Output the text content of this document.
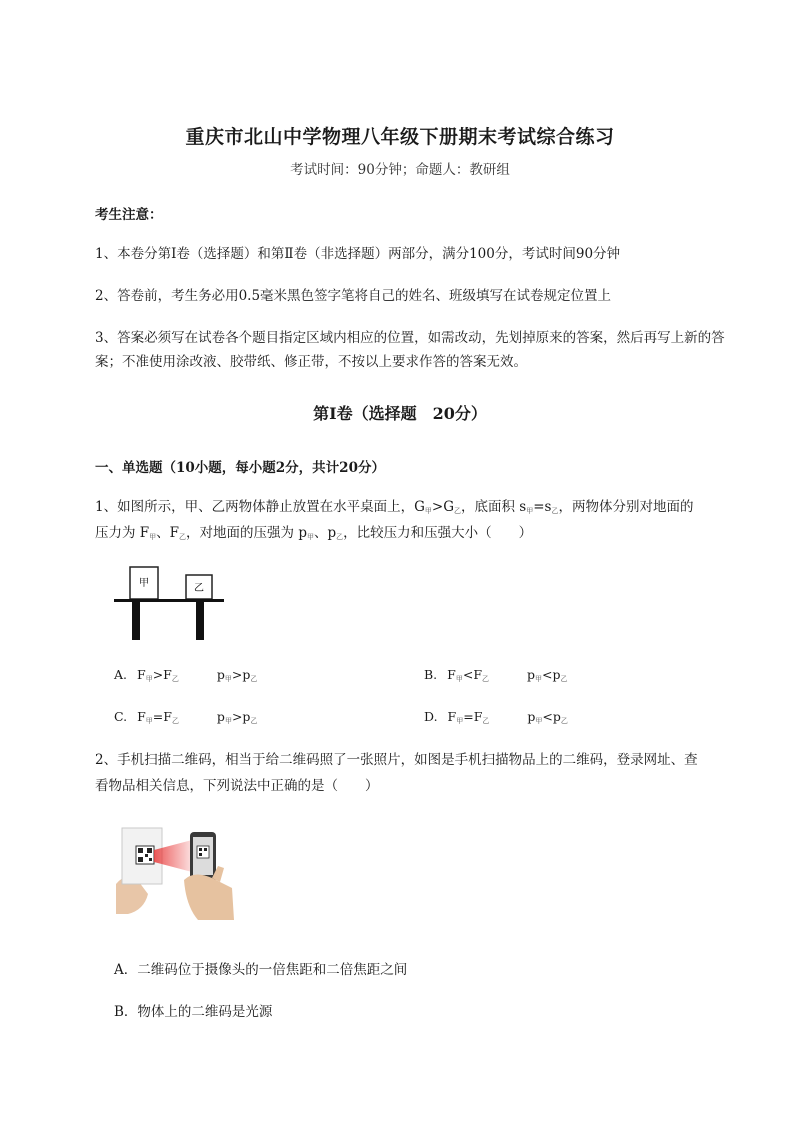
重庆市北山中学物理八年级下册期末考试综合练习
考试时间：90分钟；命题人：教研组
考生注意：
1、本卷分第I卷（选择题）和第Ⅱ卷（非选择题）两部分，满分100分，考试时间90分钟
2、答卷前，考生务必用0.5毫米黑色签字笔将自己的姓名、班级填写在试卷规定位置上
3、答案必须写在试卷各个题目指定区域内相应的位置，如需改动，先划掉原来的答案，然后再写上新的答案；不准使用涂改液、胶带纸、修正带，不按以上要求作答的答案无效。
第I卷（选择题　20分）
一、单选题（10小题，每小题2分，共计20分）
1、如图所示，甲、乙两物体静止放置在水平桌面上，$G_甲>G_乙$，底面积 $s_甲=s_乙$，两物体分别对地面的
压力为 $F_甲$、$F_乙$，对地面的压强为 $p_甲$、$p_乙$，比较压力和压强大小（　　）
甲	乙
A. $F_甲>F_乙$	$p_甲>p_乙$	B. $F_甲<F_乙$	$p_甲<p_乙$
C. $F_甲=F_乙$	$p_甲>p_乙$	D. $F_甲=F_乙$	$p_甲<p_乙$
2、手机扫描二维码，相当于给二维码照了一张照片，如图是手机扫描物品上的二维码，登录网址、查
看物品相关信息，下列说法中正确的是（　　）
A．二维码位于摄像头的一倍焦距和二倍焦距之间
B．物体上的二维码是光源
